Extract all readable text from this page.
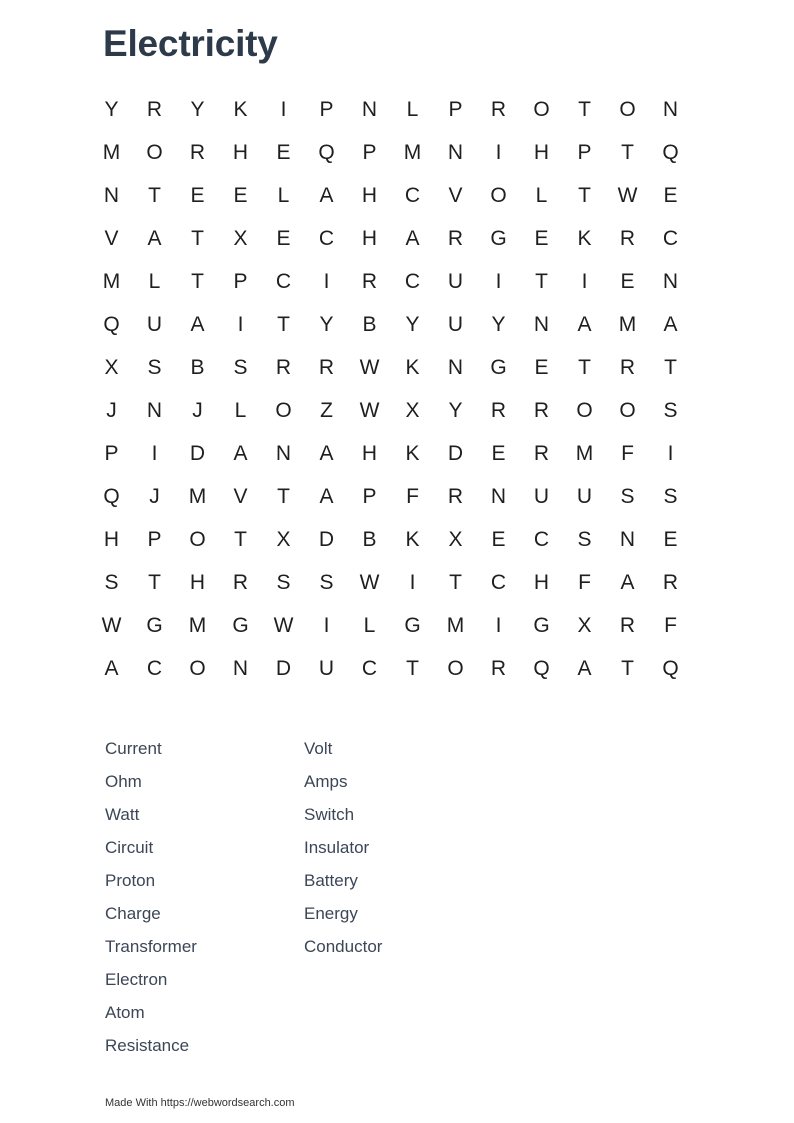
Electricity
Y	R	Y	K	I	P	N	L	P	R	O	T	O	N
M	O	R	H	E	Q	P	M	N	I	H	P	T	Q
N	T	E	E	L	A	H	C	V	O	L	T	W	E
V	A	T	X	E	C	H	A	R	G	E	K	R	C
M	L	T	P	C	I	R	C	U	I	T	I	E	N
Q	U	A	I	T	Y	B	Y	U	Y	N	A	M	A
X	S	B	S	R	R	W	K	N	G	E	T	R	T
J	N	J	L	O	Z	W	X	Y	R	R	O	O	S
P	I	D	A	N	A	H	K	D	E	R	M	F	I
Q	J	M	V	T	A	P	F	R	N	U	U	S	S
H	P	O	T	X	D	B	K	X	E	C	S	N	E
S	T	H	R	S	S	W	I	T	C	H	F	A	R
W	G	M	G	W	I	L	G	M	I	G	X	R	F
A	C	O	N	D	U	C	T	O	R	Q	A	T	Q
Current
Ohm
Watt
Circuit
Proton
Charge
Transformer
Electron
Atom
Resistance
Volt
Amps
Switch
Insulator
Battery
Energy
Conductor
Made With https://webwordsearch.com
